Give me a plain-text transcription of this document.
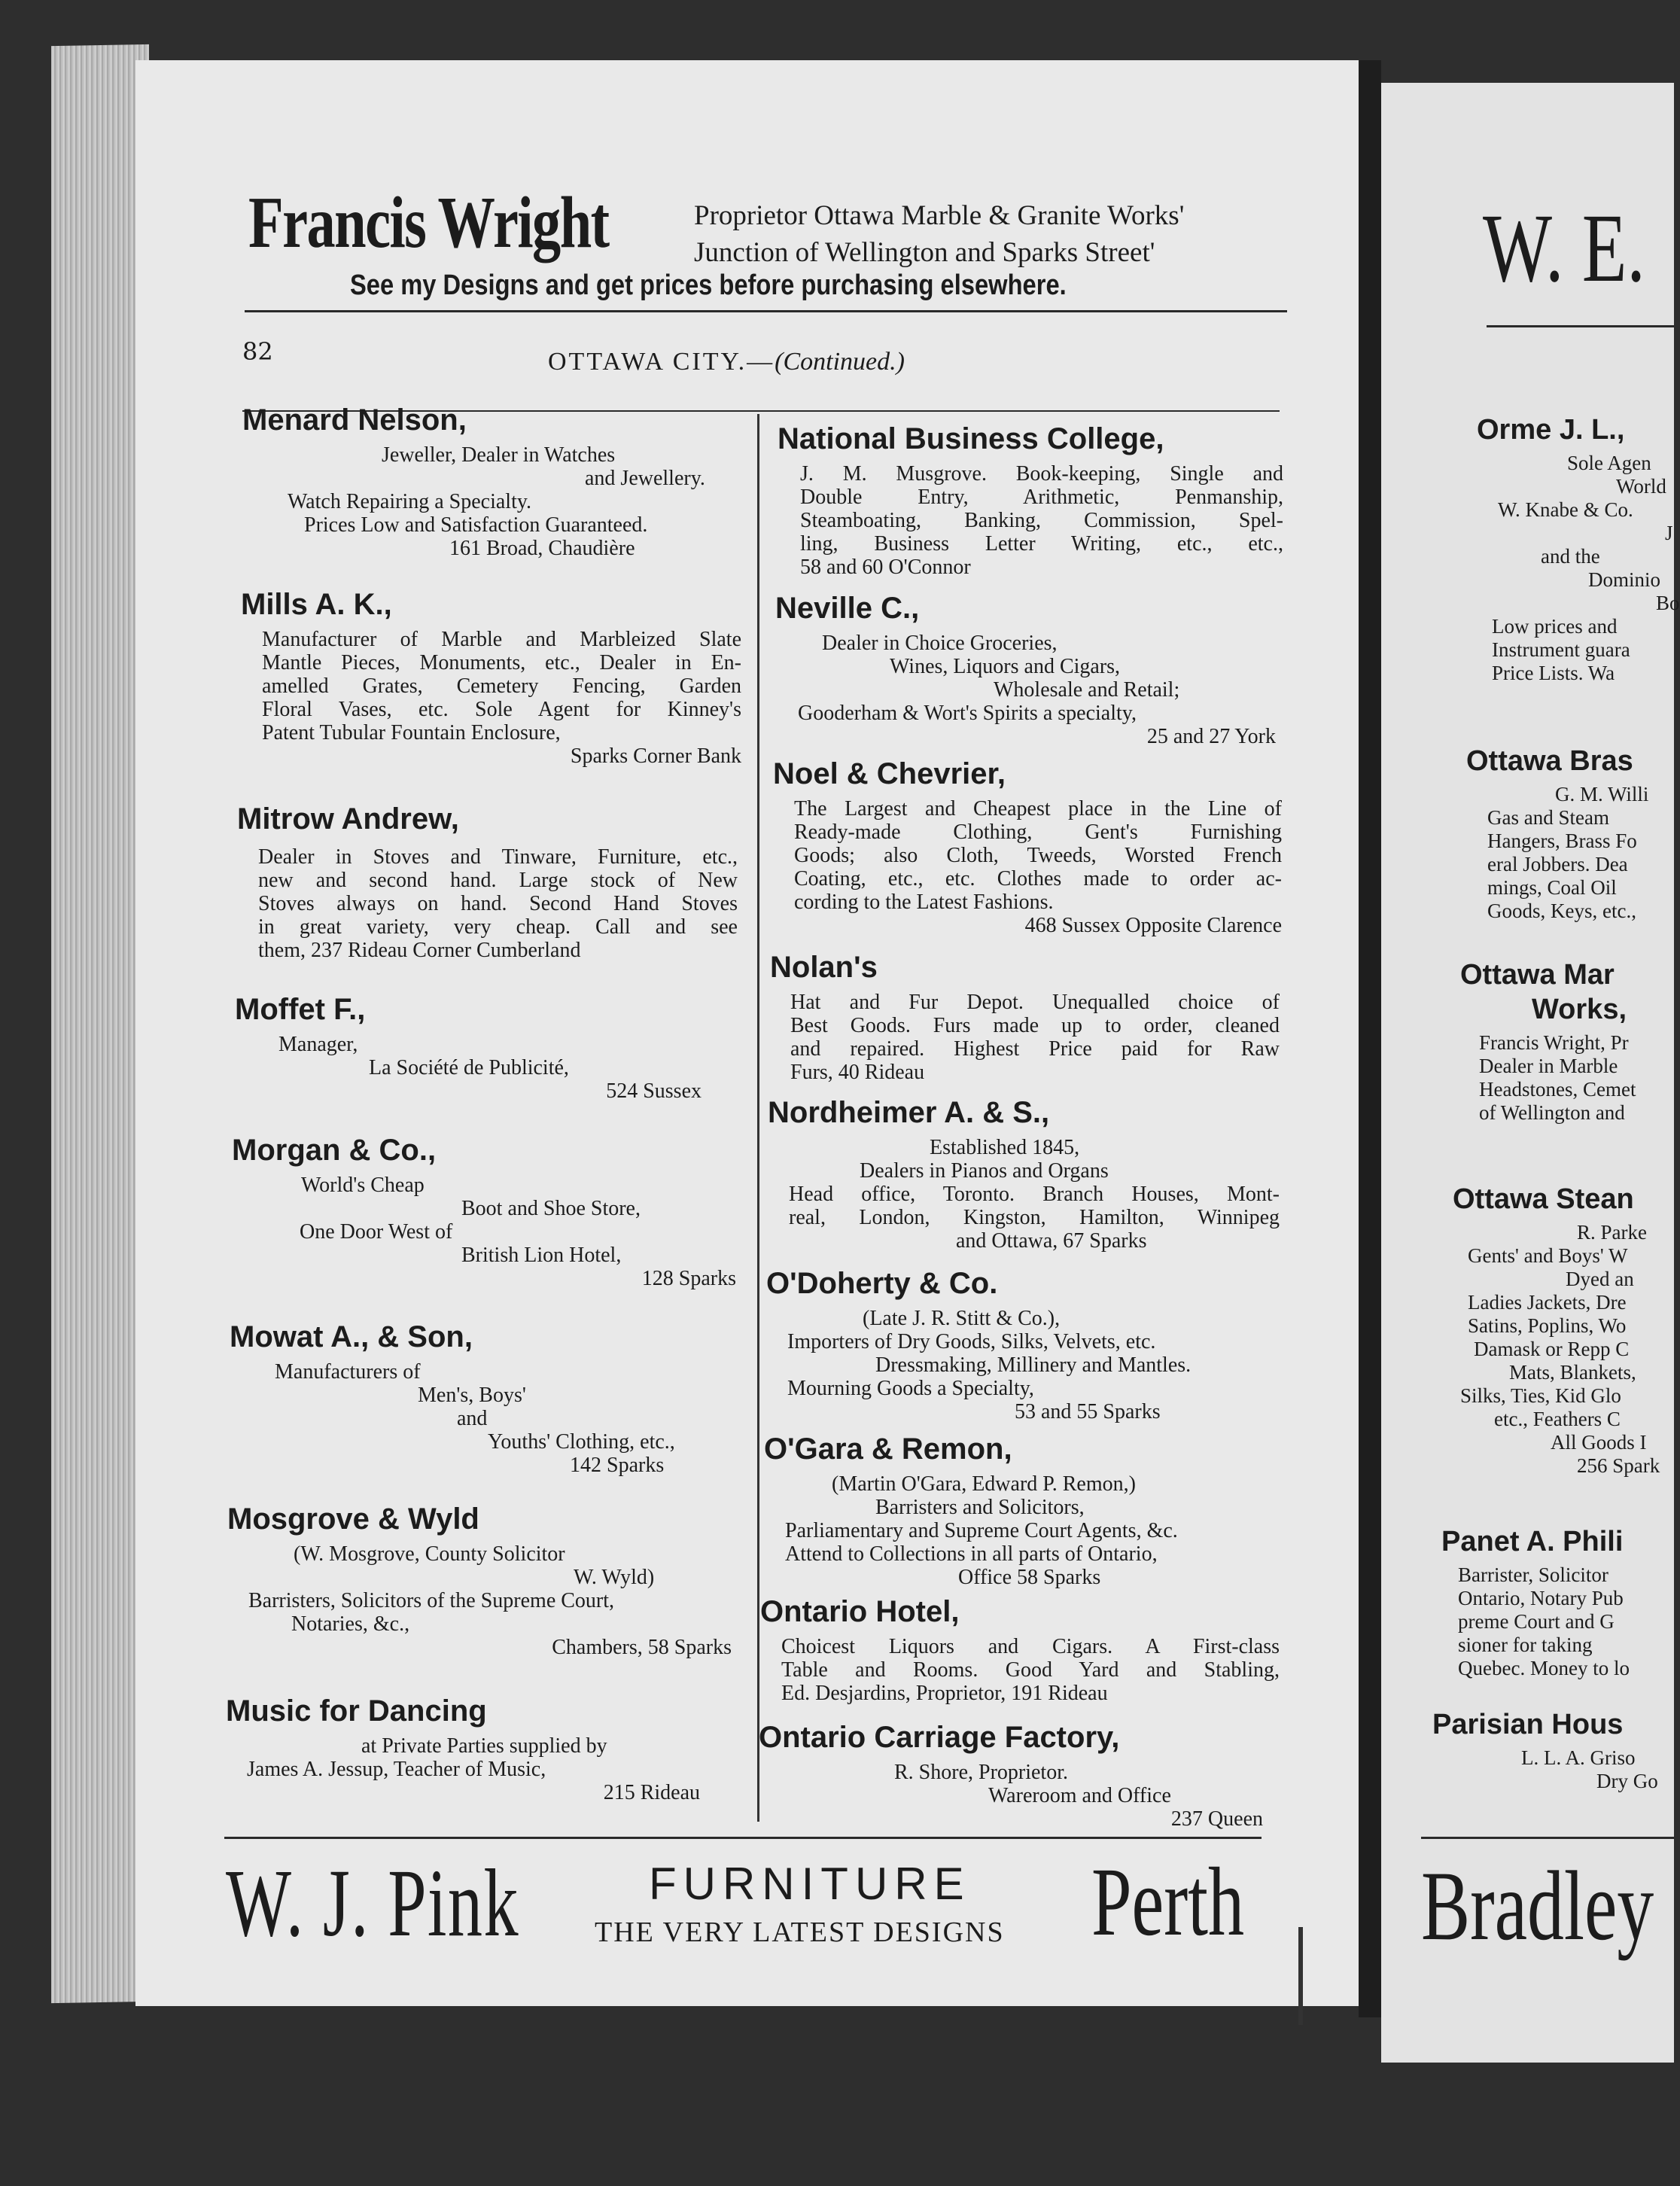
Francis Wright	Proprietor Ottawa Marble & Granite Works'
Junction of Wellington and Sparks Street'
See my Designs and get prices before purchasing elsewhere.
82	OTTAWA CITY.—(Continued.)
Menard Nelson,
Jeweller, Dealer in Watches
and Jewellery.
Watch Repairing a Specialty.
Prices Low and Satisfaction Guaranteed.
161 Broad, Chaudière
Mills A. K.,
Manufacturer of Marble and Marbleized Slate
Mantle Pieces, Monuments, etc., Dealer in En-
amelled Grates, Cemetery Fencing, Garden
Floral Vases, etc. Sole Agent for Kinney's
Patent Tubular Fountain Enclosure,
Sparks Corner Bank
Mitrow Andrew,
Dealer in Stoves and Tinware, Furniture, etc.,
new and second hand. Large stock of New
Stoves always on hand. Second Hand Stoves
in great variety, very cheap. Call and see
them, 237 Rideau Corner Cumberland
Moffet F.,
Manager,
La Société de Publicité,
524 Sussex
Morgan & Co.,
World's Cheap
Boot and Shoe Store,
One Door West of
British Lion Hotel,
128 Sparks
Mowat A., & Son,
Manufacturers of
Men's, Boys'
and
Youths' Clothing, etc.,
142 Sparks
Mosgrove & Wyld
(W. Mosgrove, County Solicitor
W. Wyld)
Barristers, Solicitors of the Supreme Court,
Notaries, &c.,
Chambers, 58 Sparks
Music for Dancing
at Private Parties supplied by
James A. Jessup, Teacher of Music,
215 Rideau
National Business College,
J. M. Musgrove. Book-keeping, Single and
Double Entry, Arithmetic, Penmanship,
Steamboating, Banking, Commission, Spel-
ling, Business Letter Writing, etc., etc.,
58 and 60 O'Connor
Neville C.,
Dealer in Choice Groceries,
Wines, Liquors and Cigars,
Wholesale and Retail;
Gooderham & Wort's Spirits a specialty,
25 and 27 York
Noel & Chevrier,
The Largest and Cheapest place in the Line of
Ready-made Clothing, Gent's Furnishing
Goods; also Cloth, Tweeds, Worsted French
Coating, etc., etc. Clothes made to order ac-
cording to the Latest Fashions.
468 Sussex Opposite Clarence
Nolan's
Hat and Fur Depot. Unequalled choice of
Best Goods. Furs made up to order, cleaned
and repaired. Highest Price paid for Raw
Furs, 40 Rideau
Nordheimer A. & S.,
Established 1845,
Dealers in Pianos and Organs
Head office, Toronto. Branch Houses, Mont-
real, London, Kingston, Hamilton, Winnipeg
and Ottawa, 67 Sparks
O'Doherty & Co.
(Late J. R. Stitt & Co.),
Importers of Dry Goods, Silks, Velvets, etc.
Dressmaking, Millinery and Mantles.
Mourning Goods a Specialty,
53 and 55 Sparks
O'Gara & Remon,
(Martin O'Gara, Edward P. Remon,)
Barristers and Solicitors,
Parliamentary and Supreme Court Agents, &c.
Attend to Collections in all parts of Ontario,
Office 58 Sparks
Ontario Hotel,
Choicest Liquors and Cigars. A First-class
Table and Rooms. Good Yard and Stabling,
Ed. Desjardins, Proprietor, 191 Rideau
Ontario Carriage Factory,
R. Shore, Proprietor.
Wareroom and Office
237 Queen
W. J. Pink	FURNITURE
THE VERY LATEST DESIGNS Perth
W. E.
Orme J. L.,
Sole Agen
World
W. Knabe & Co.
J
and the
Dominio
Bo
Low prices and
Instrument guara
Price Lists. Wa
Ottawa Bras
G. M. Willi
Gas and Steam
Hangers, Brass Fo
eral Jobbers. Dea
mings, Coal Oil
Goods, Keys, etc.,
Ottawa Mar
Works,
Francis Wright, Pr
Dealer in Marble
Headstones, Cemet
of Wellington and
Ottawa Stean
R. Parke
Gents' and Boys' W
Dyed an
Ladies Jackets, Dre
Satins, Poplins, Wo
Damask or Repp C
Mats, Blankets,
Silks, Ties, Kid Glo
etc., Feathers C
All Goods I
256 Spark
Panet A. Phili
Barrister, Solicitor
Ontario, Notary Pub
preme Court and G
sioner for taking
Quebec. Money to lo
Parisian Hous
L. L. A. Griso
Dry Go
Bradley
